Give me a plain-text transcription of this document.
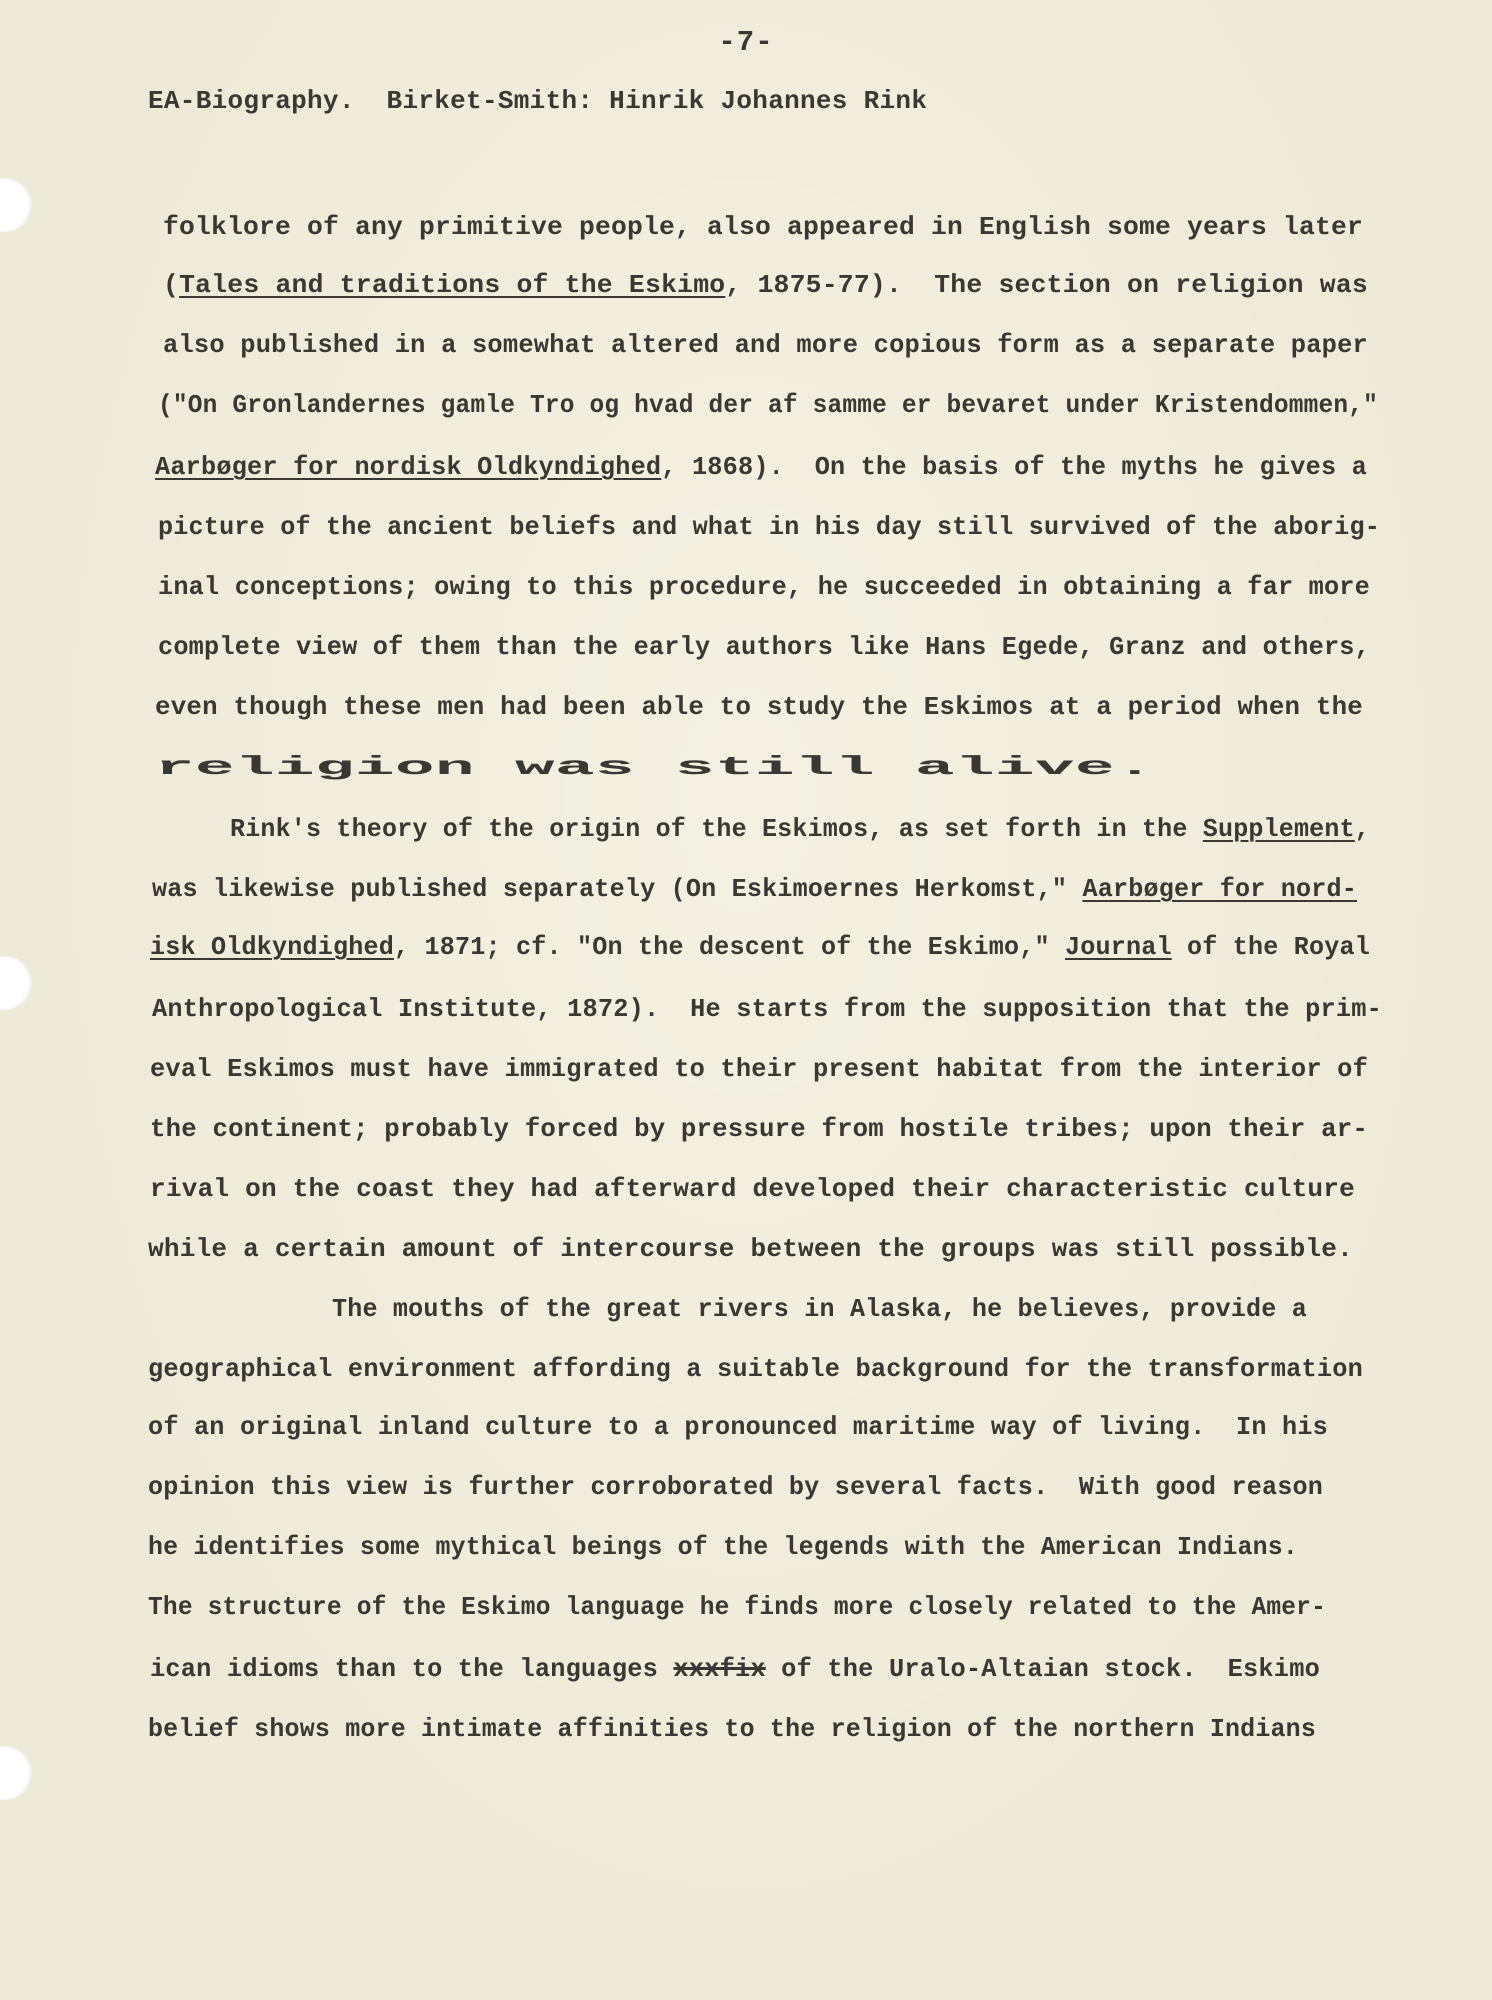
-7-
EA-Biography.  Birket-Smith: Hinrik Johannes Rink
folklore of any primitive people, also appeared in English some years later
(Tales and traditions of the Eskimo, 1875-77).  The section on religion was
also published in a somewhat altered and more copious form as a separate paper
("On Gronlandernes gamle Tro og hvad der af samme er bevaret under Kristendommen,"
Aarbøger for nordisk Oldkyndighed, 1868).  On the basis of the myths he gives a
picture of the ancient beliefs and what in his day still survived of the aborig-
inal conceptions; owing to this procedure, he succeeded in obtaining a far more
complete view of them than the early authors like Hans Egede, Granz and others,
even though these men had been able to study the Eskimos at a period when the
religion was still alive.
Rink's theory of the origin of the Eskimos, as set forth in the Supplement,
was likewise published separately (On Eskimoernes Herkomst," Aarbøger for nord-
isk Oldkyndighed, 1871; cf. "On the descent of the Eskimo," Journal of the Royal
Anthropological Institute, 1872).  He starts from the supposition that the prim-
eval Eskimos must have immigrated to their present habitat from the interior of
the continent; probably forced by pressure from hostile tribes; upon their ar-
rival on the coast they had afterward developed their characteristic culture
while a certain amount of intercourse between the groups was still possible.
The mouths of the great rivers in Alaska, he believes, provide a
geographical environment affording a suitable background for the transformation
of an original inland culture to a pronounced maritime way of living.  In his
opinion this view is further corroborated by several facts.  With good reason
he identifies some mythical beings of the legends with the American Indians.
The structure of the Eskimo language he finds more closely related to the Amer-
ican idioms than to the languages xxxfix of the Uralo-Altaian stock.  Eskimo
belief shows more intimate affinities to the religion of the northern Indians
